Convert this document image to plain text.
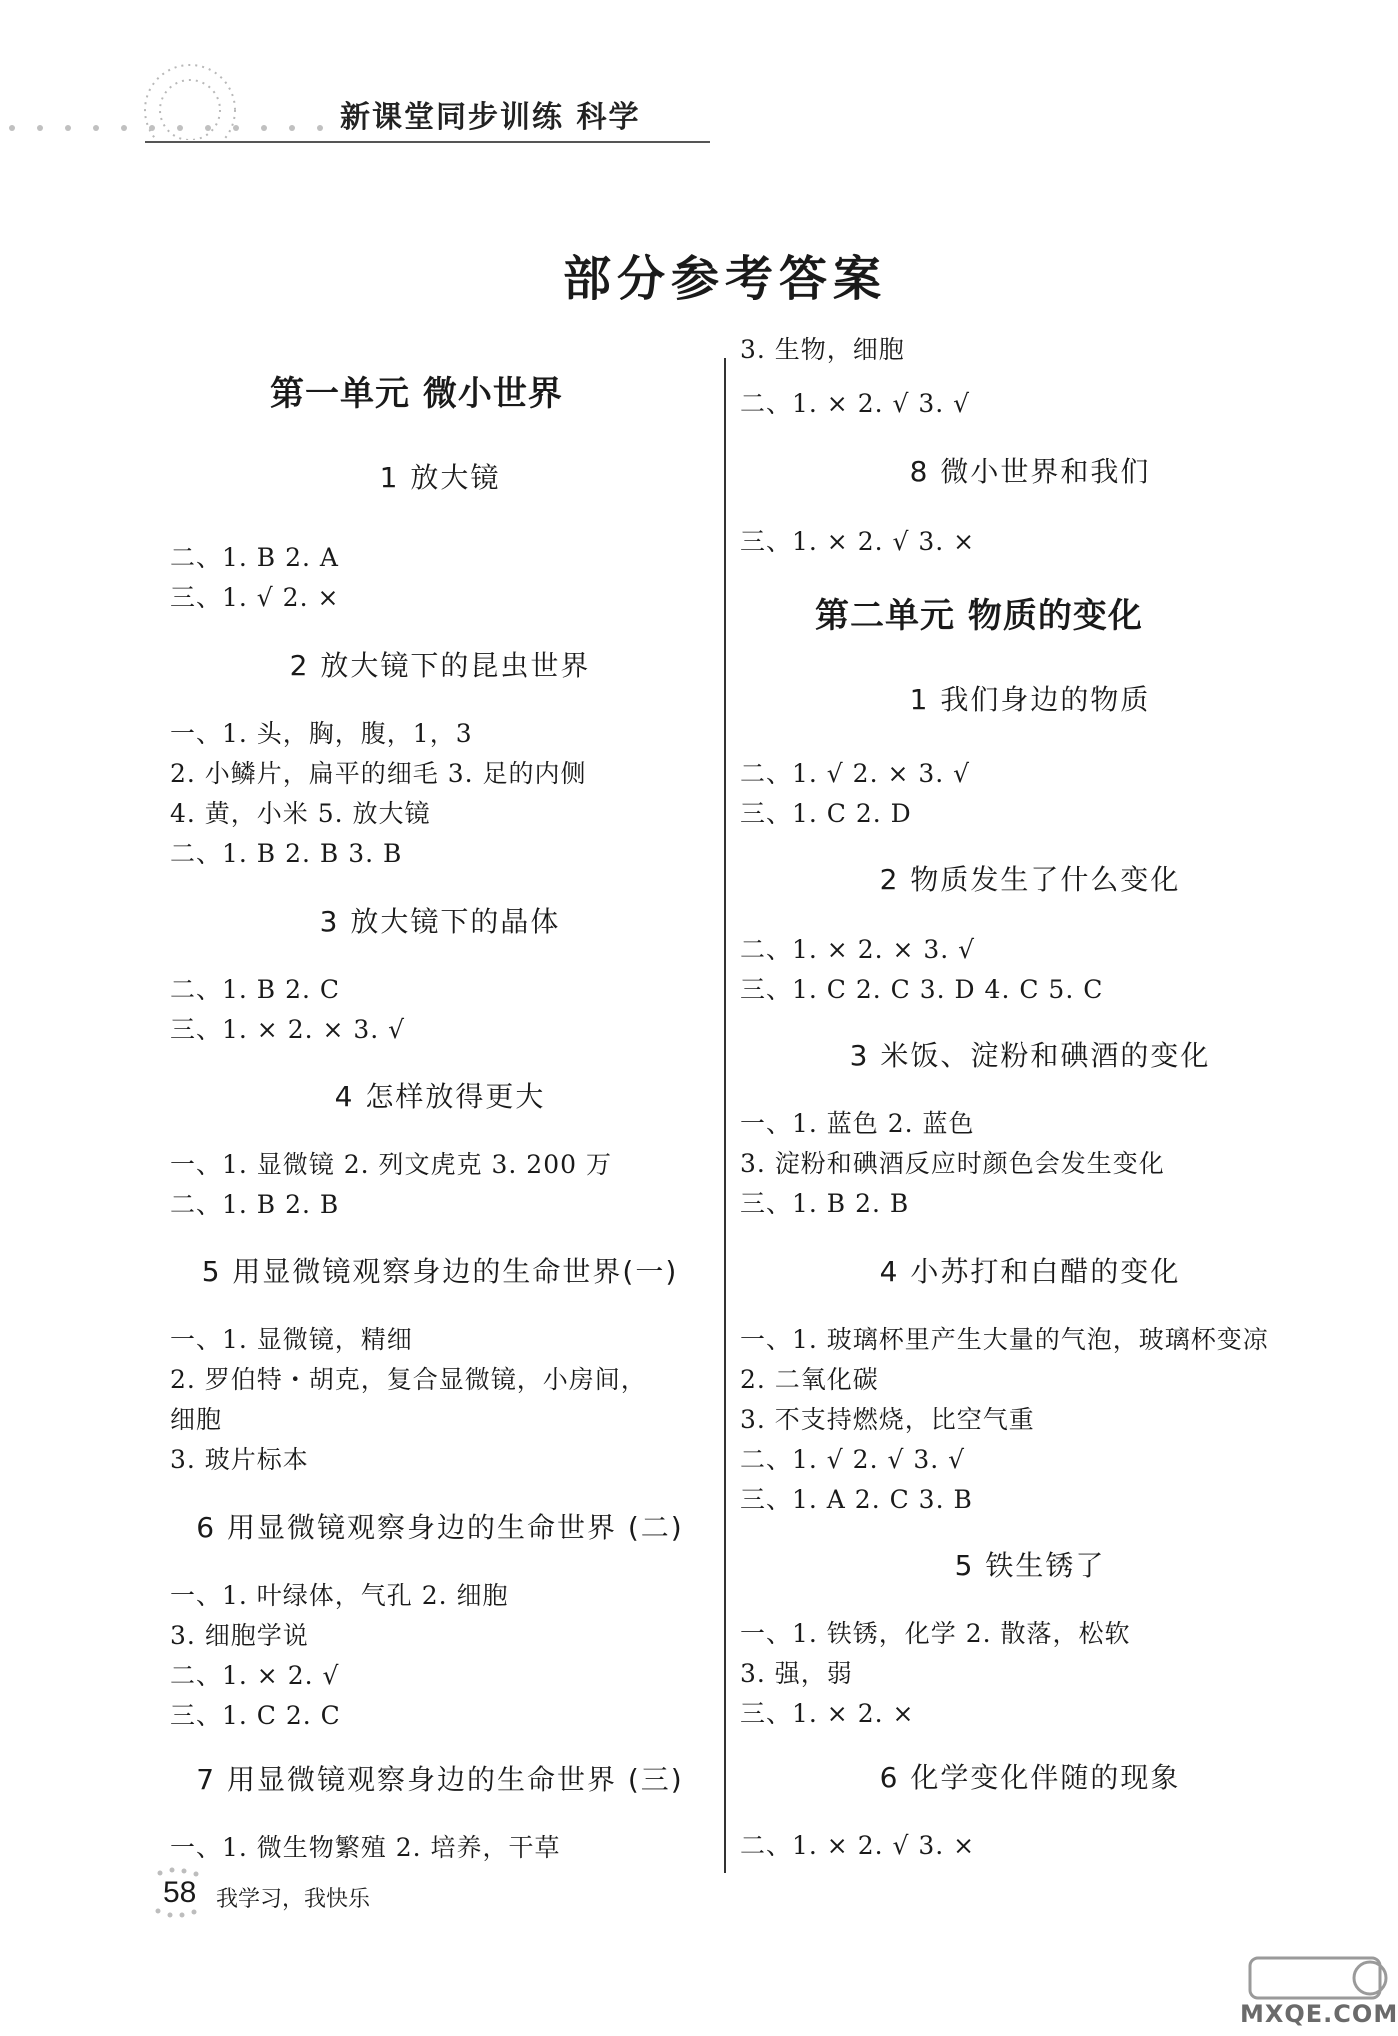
新课堂同步训练 科学
部分参考答案
第一单元 微小世界
1 放大镜
二、1. B 2. A
三、1. √ 2. ×
2 放大镜下的昆虫世界
一、1. 头，胸，腹，1，3
2. 小鳞片，扁平的细毛 3. 足的内侧
4. 黄，小米 5. 放大镜
二、1. B 2. B 3. B
3 放大镜下的晶体
二、1. B 2. C
三、1. × 2. × 3. √
4 怎样放得更大
一、1. 显微镜 2. 列文虎克 3. 200 万
二、1. B 2. B
5 用显微镜观察身边的生命世界(一)
一、1. 显微镜，精细
2. 罗伯特・胡克，复合显微镜，小房间，
细胞
3. 玻片标本
6 用显微镜观察身边的生命世界 (二)
一、1. 叶绿体，气孔 2. 细胞
3. 细胞学说
二、1. × 2. √
三、1. C 2. C
7 用显微镜观察身边的生命世界 (三)
一、1. 微生物繁殖 2. 培养，干草
3. 生物，细胞
二、1. × 2. √ 3. √
8 微小世界和我们
三、1. × 2. √ 3. ×
第二单元 物质的变化
1 我们身边的物质
二、1. √ 2. × 3. √
三、1. C 2. D
2 物质发生了什么变化
二、1. × 2. × 3. √
三、1. C 2. C 3. D 4. C 5. C
3 米饭、淀粉和碘酒的变化
一、1. 蓝色 2. 蓝色
3. 淀粉和碘酒反应时颜色会发生变化
三、1. B 2. B
4 小苏打和白醋的变化
一、1. 玻璃杯里产生大量的气泡，玻璃杯变凉
2. 二氧化碳
3. 不支持燃烧，比空气重
二、1. √ 2. √ 3. √
三、1. A 2. C 3. B
5 铁生锈了
一、1. 铁锈，化学 2. 散落，松软
3. 强，弱
三、1. × 2. ×
6 化学变化伴随的现象
二、1. × 2. √ 3. ×
58 我学习，我快乐
MXQE.COM
